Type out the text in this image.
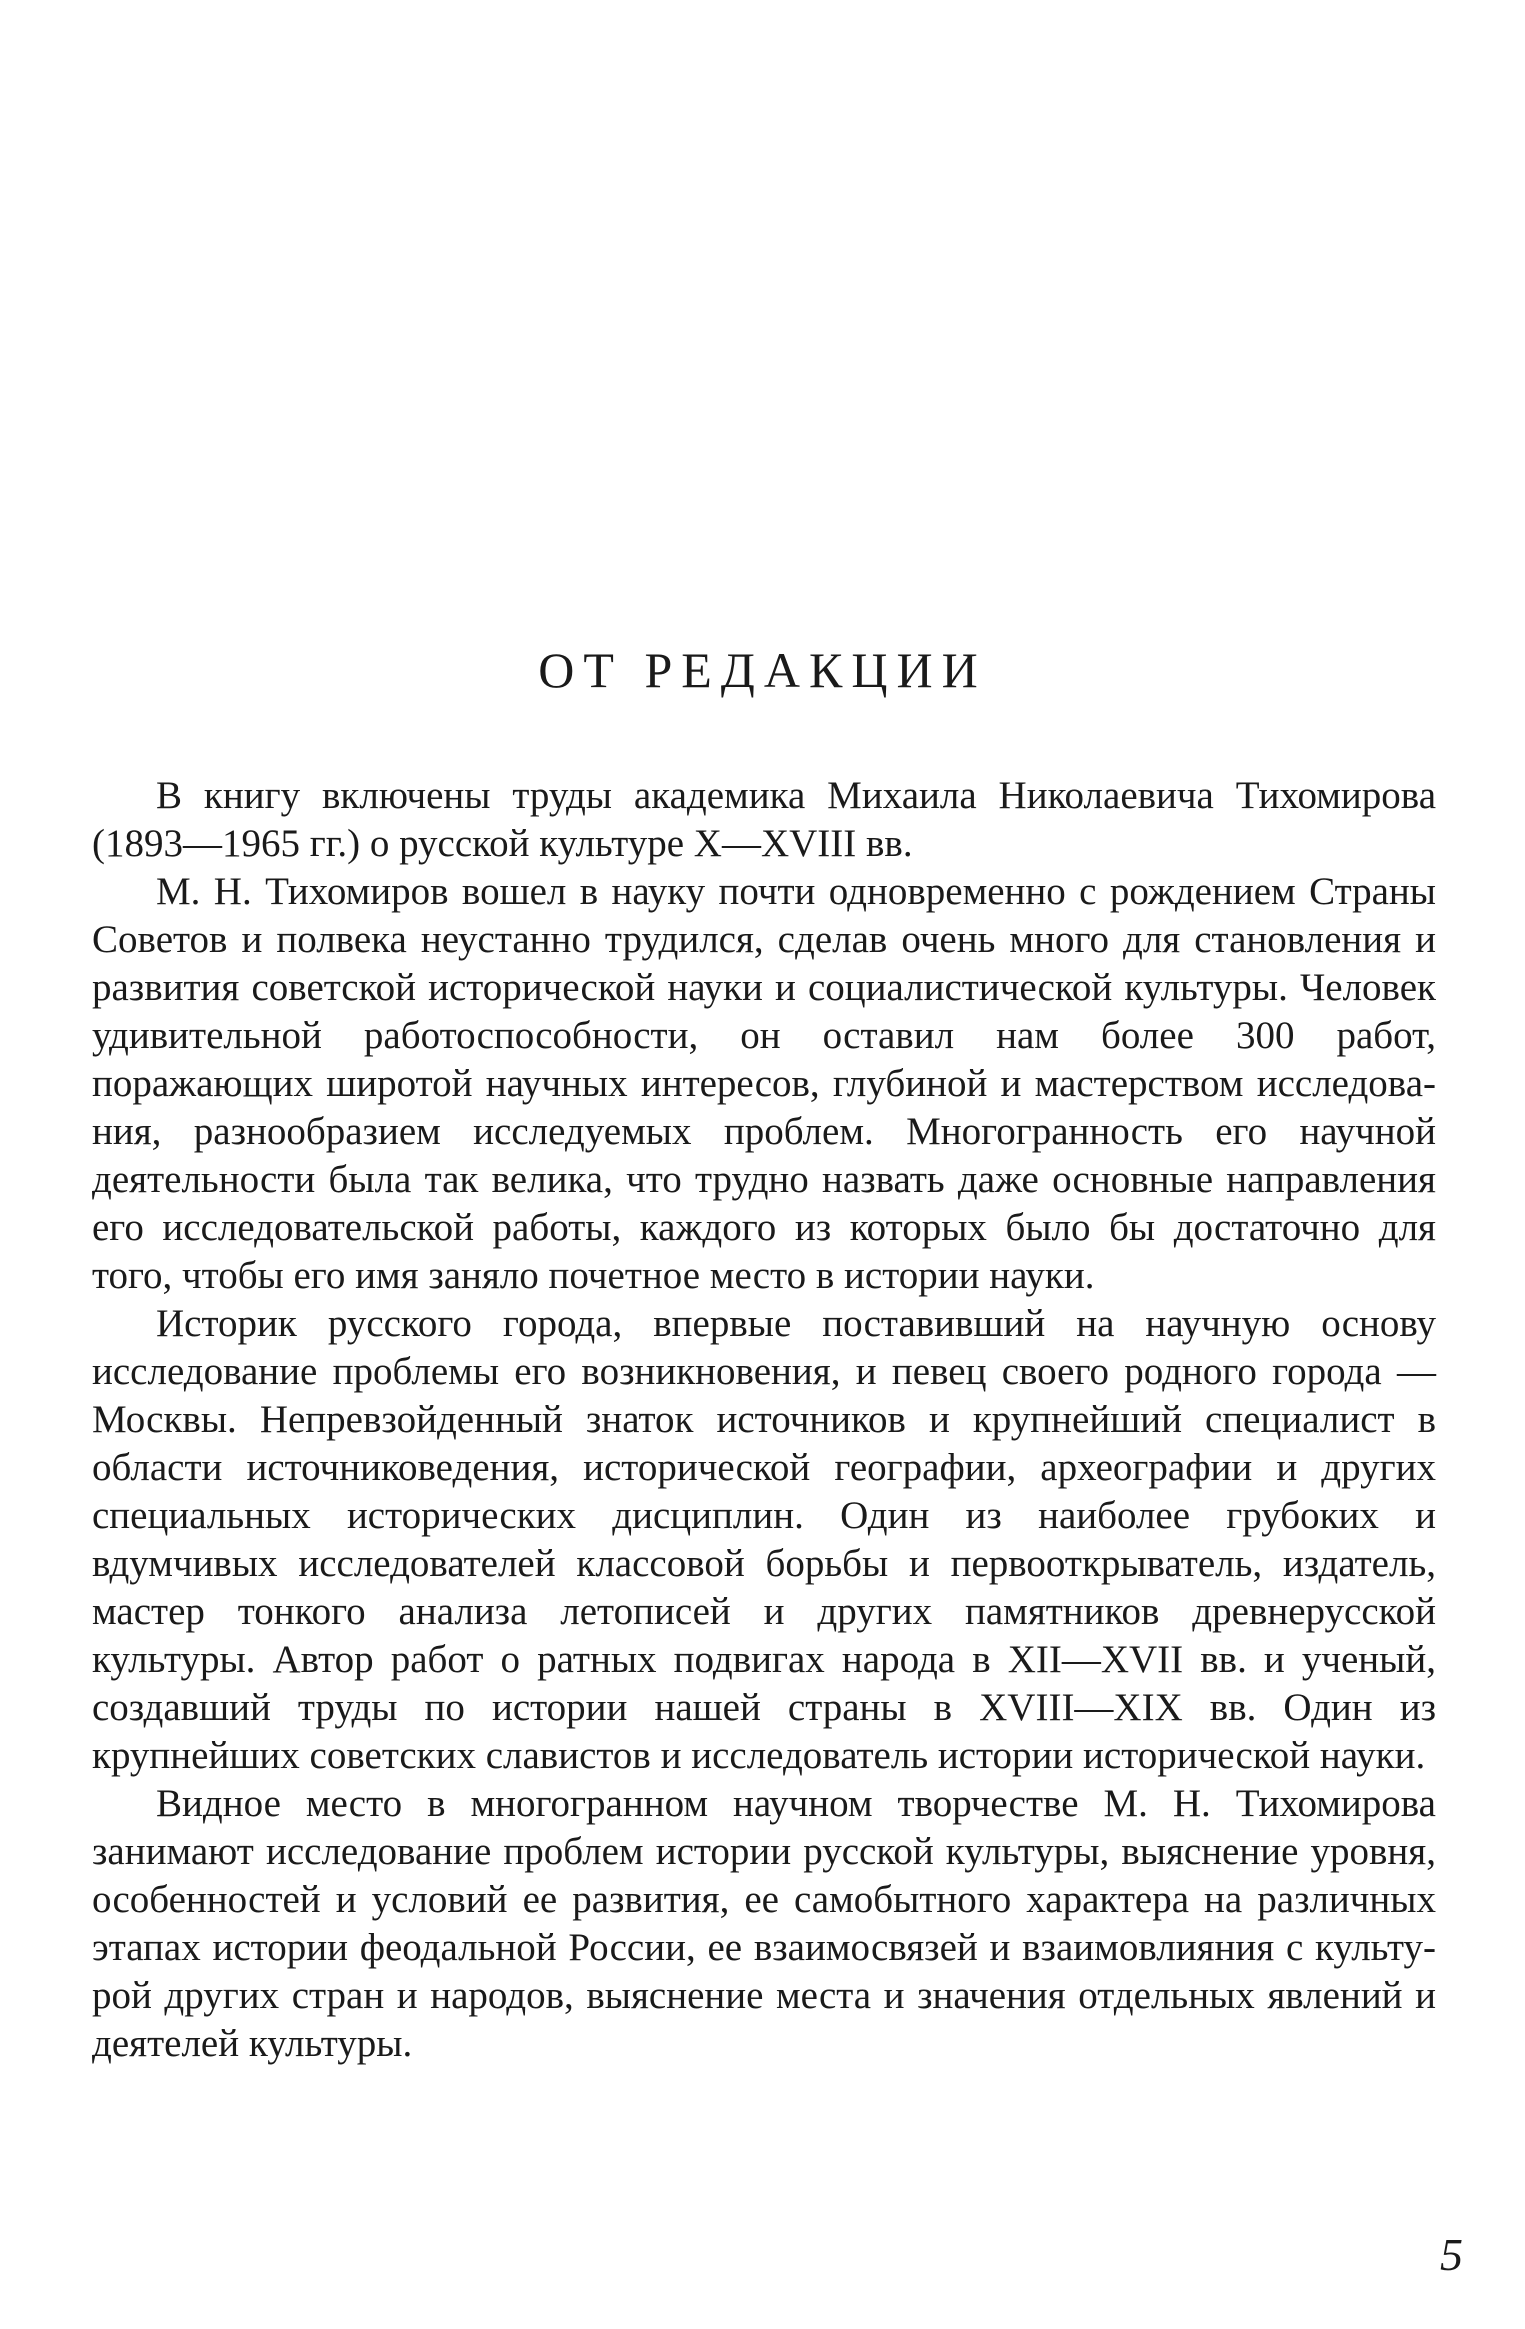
ОТ РЕДАКЦИИ

В книгу включены труды академика Михаила Николаевича Тихомирова (1893—1965 гг.) о русской культуре X—XVIII вв.

М. Н. Тихомиров вошел в науку почти одновременно с рождением Страны Советов и полвека неустанно трудился, сделав очень много для становления и развития советской исторической науки и социалистической культуры. Человек удивительной работоспособности, он оставил нам более 300 работ, поражающих широтой научных интересов, глубиной и мастерством исследования, разнообразием исследуемых проблем. Многогранность его научной деятельности была так велика, что трудно назвать даже основные направления его исследовательской работы, каждого из которых было бы достаточно для того, чтобы его имя заняло почетное место в истории науки.

Историк русского города, впервые поставивший на научную основу исследование проблемы его возникновения, и певец своего родного города — Москвы. Непревзойденный знаток источников и крупнейший специалист в области источниковедения, исторической географии, археографии и других специальных исторических дисциплин. Один из наиболее грубоких и вдумчивых исследователей классовой борьбы и первооткрыватель, издатель, мастер тонкого анализа летописей и других памятников древнерусской культуры. Автор работ о ратных подвигах народа в XII—XVII вв. и ученый, создавший труды по истории нашей страны в XVIII—XIX вв. Один из крупнейших советских славистов и исследователь истории исторической науки.

Видное место в многогранном научном творчестве М. Н. Тихомирова занимают исследование проблем истории русской культуры, выяснение уровня, особенностей и условий ее развития, ее самобытного характера на различных этапах истории феодальной России, ее взаимосвязей и взаимовлияния с культурой других стран и народов, выяснение места и значения отдельных явлений и деятелей культуры.

5
